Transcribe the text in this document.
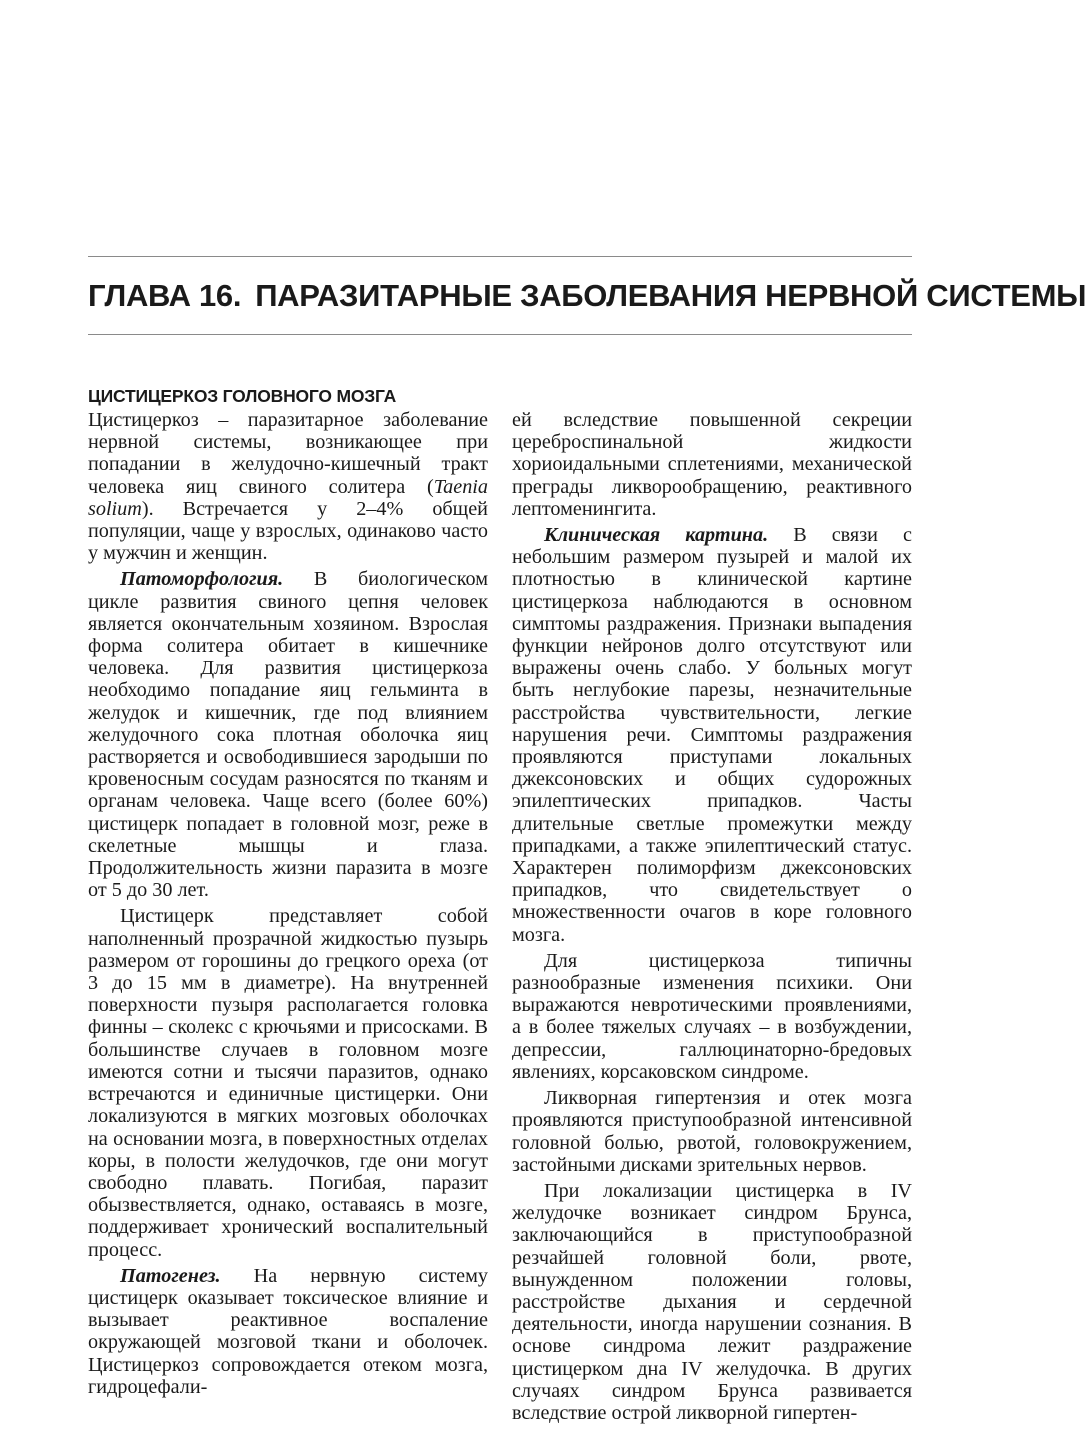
ГЛАВА 16. ПАРАЗИТАРНЫЕ ЗАБОЛЕВАНИЯ НЕРВНОЙ СИСТЕМЫ
ЦИСТИЦЕРКОЗ ГОЛОВНОГО МОЗГА

Цистицеркоз – паразитарное заболевание нервной системы, возникающее при попадании в желудочно-кишечный тракт человека яиц свиного солитера (Taenia solium). Встречается у 2–4% общей популяции, чаще у взрослых, одинаково часто у мужчин и женщин.

Патоморфология. В биологическом цикле развития свиного цепня человек является окончательным хозяином. Взрослая форма солитера обитает в кишечнике человека. Для развития цистицеркоза необходимо попадание яиц гельминта в желудок и кишечник, где под влиянием желудочного сока плотная оболочка яиц растворяется и освободившиеся зародыши по кровеносным сосудам разносятся по тканям и органам человека. Чаще всего (более 60%) цистицерк попадает в головной мозг, реже в скелетные мышцы и глаза. Продолжительность жизни паразита в мозге от 5 до 30 лет.

Цистицерк представляет собой наполненный прозрачной жидкостью пузырь размером от горошины до грецкого ореха (от 3 до 15 мм в диаметре). На внутренней поверхности пузыря располагается головка финны – сколекс с крючьями и присосками. В большинстве случаев в головном мозге имеются сотни и тысячи паразитов, однако встречаются и единичные цистицерки. Они локализуются в мягких мозговых оболочках на основании мозга, в поверхностных отделах коры, в полости желудочков, где они могут свободно плавать. Погибая, паразит обызвествляется, однако, оставаясь в мозге, поддерживает хронический воспалительный процесс.

Патогенез. На нервную систему цистицерк оказывает токсическое влияние и вызывает реактивное воспаление окружающей мозговой ткани и оболочек. Цистицеркоз сопровождается отеком мозга, гидроцефали-

ей вследствие повышенной секреции цереброспинальной жидкости хориоидальными сплетениями, механической преграды ликворообращению, реактивного лептоменингита.

Клиническая картина. В связи с небольшим размером пузырей и малой их плотностью в клинической картине цистицеркоза наблюдаются в основном симптомы раздражения. Признаки выпадения функции нейронов долго отсутствуют или выражены очень слабо. У больных могут быть неглубокие парезы, незначительные расстройства чувствительности, легкие нарушения речи. Симптомы раздражения проявляются приступами локальных джексоновских и общих судорожных эпилептических припадков. Часты длительные светлые промежутки между припадками, а также эпилептический статус. Характерен полиморфизм джексоновских припадков, что свидетельствует о множественности очагов в коре головного мозга.

Для цистицеркоза типичны разнообразные изменения психики. Они выражаются невротическими проявлениями, а в более тяжелых случаях – в возбуждении, депрессии, галлюцинаторно-бредовых явлениях, корсаковском синдроме.

Ликворная гипертензия и отек мозга проявляются приступообразной интенсивной головной болью, рвотой, головокружением, застойными дисками зрительных нервов.

При локализации цистицерка в IV желудочке возникает синдром Брунса, заключающийся в приступообразной резчайшей головной боли, рвоте, вынужденном положении головы, расстройстве дыхания и сердечной деятельности, иногда нарушении сознания. В основе синдрома лежит раздражение цистицерком дна IV желудочка. В других случаях синдром Брунса развивается вследствие острой ликворной гипертен-
